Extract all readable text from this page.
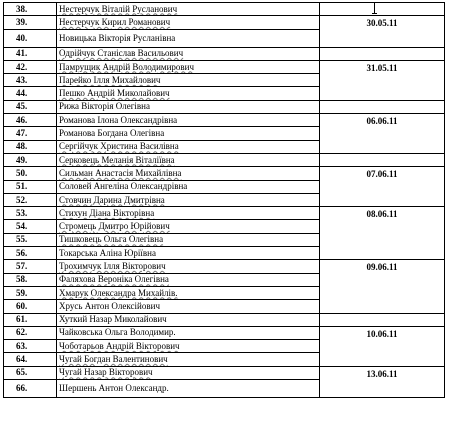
38.	Нестерчук Віталій Русланович	
39.	Нестерчук Кирил Романович	30.05.11
40.	Новицька Вікторія Русланівна	
41.	Одрійчук Станіслав Васильович	
42.	Памрущик Андрій Володимирович	31.05.11
43.	Парейко Ілля Михайлович	
44.	Пешко Андрій Миколайович	
45.	Рижа Вікторія Олегівна	
46.	Романова Ілона Олександрівна	06.06.11
47.	Романова Богдана Олегівна	
48.	Сергійчук Христина Василівна	
49.	Серковець Меланія Віталіївна	
50.	Сильман Анастасія Михайлівна	07.06.11
51.	Соловей Ангеліна Олександрівна	
52.	Стовчин Дарина Дмитрівна	
53.	Стихун Діана Вікторівна	08.06.11
54.	Стромець Дмитро Юрійович	
55.	Тишковець Ольга Олегівна	
56.	Токарська Аліна Юріївна	
57.	Трохимчук Ілля Вікторович	09.06.11
58.	Фаляхова Вероніка Олегівна	
59.	Хмарук Олександра Михайлів.	
60.	Хрусь Антон Олексійович	
61.	Хуткий Назар Миколайович	
62.	Чайковська Ольга Володимир.	10.06.11
63.	Чоботарьов Андрій Вікторович	
64.	Чугай Богдан Валентинович	
65.	Чугай Назар Вікторович	13.06.11
66.	Шершень Антон Олександр.	
